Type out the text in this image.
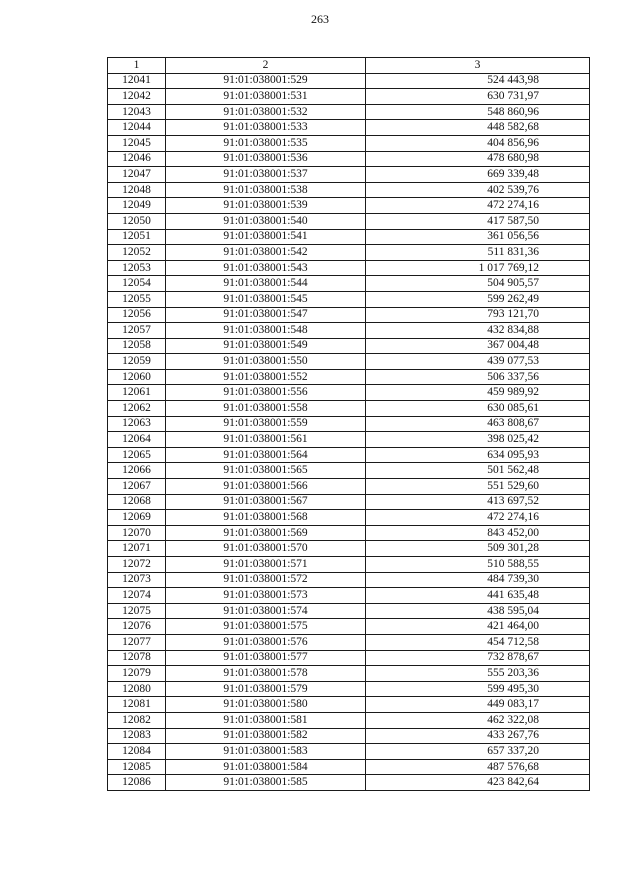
263
1	2	3
12041	91:01:038001:529	524 443,98
12042	91:01:038001:531	630 731,97
12043	91:01:038001:532	548 860,96
12044	91:01:038001:533	448 582,68
12045	91:01:038001:535	404 856,96
12046	91:01:038001:536	478 680,98
12047	91:01:038001:537	669 339,48
12048	91:01:038001:538	402 539,76
12049	91:01:038001:539	472 274,16
12050	91:01:038001:540	417 587,50
12051	91:01:038001:541	361 056,56
12052	91:01:038001:542	511 831,36
12053	91:01:038001:543	1 017 769,12
12054	91:01:038001:544	504 905,57
12055	91:01:038001:545	599 262,49
12056	91:01:038001:547	793 121,70
12057	91:01:038001:548	432 834,88
12058	91:01:038001:549	367 004,48
12059	91:01:038001:550	439 077,53
12060	91:01:038001:552	506 337,56
12061	91:01:038001:556	459 989,92
12062	91:01:038001:558	630 085,61
12063	91:01:038001:559	463 808,67
12064	91:01:038001:561	398 025,42
12065	91:01:038001:564	634 095,93
12066	91:01:038001:565	501 562,48
12067	91:01:038001:566	551 529,60
12068	91:01:038001:567	413 697,52
12069	91:01:038001:568	472 274,16
12070	91:01:038001:569	843 452,00
12071	91:01:038001:570	509 301,28
12072	91:01:038001:571	510 588,55
12073	91:01:038001:572	484 739,30
12074	91:01:038001:573	441 635,48
12075	91:01:038001:574	438 595,04
12076	91:01:038001:575	421 464,00
12077	91:01:038001:576	454 712,58
12078	91:01:038001:577	732 878,67
12079	91:01:038001:578	555 203,36
12080	91:01:038001:579	599 495,30
12081	91:01:038001:580	449 083,17
12082	91:01:038001:581	462 322,08
12083	91:01:038001:582	433 267,76
12084	91:01:038001:583	657 337,20
12085	91:01:038001:584	487 576,68
12086	91:01:038001:585	423 842,64
